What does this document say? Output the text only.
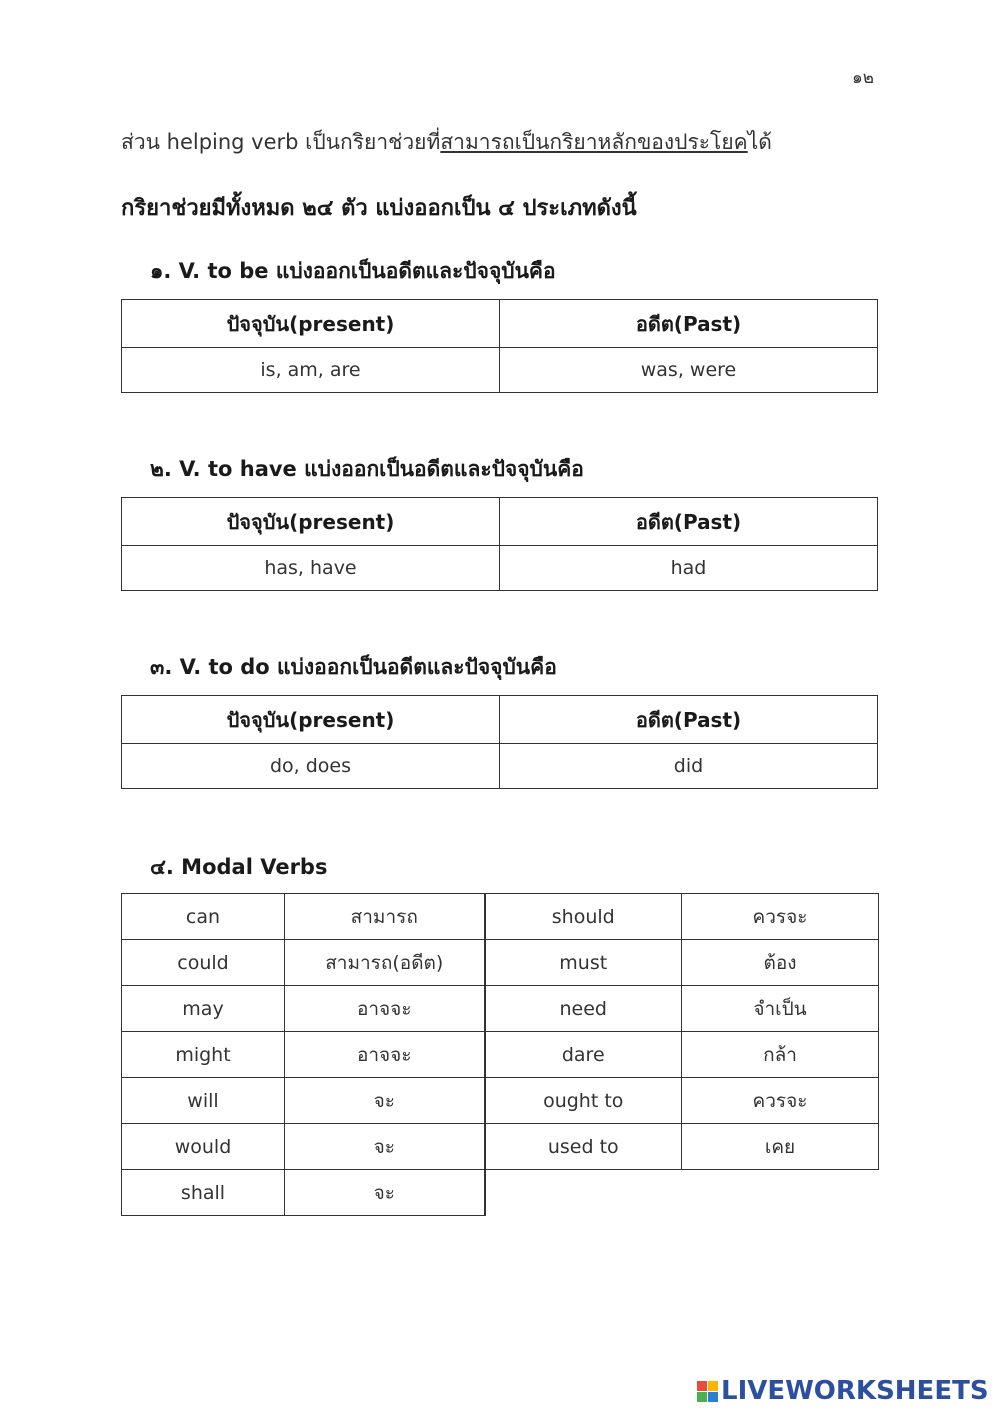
๑๒
ส่วน helping verb เป็นกริยาช่วยที่สามารถเป็นกริยาหลักของประโยคได้
กริยาช่วยมีทั้งหมด ๒๔ ตัว แบ่งออกเป็น ๔ ประเภทดังนี้
๑. V. to be แบ่งออกเป็นอดีตและปัจจุบันคือ
ปัจจุบัน(present)	อดีต(Past)
is, am, are	was, were
๒. V. to have แบ่งออกเป็นอดีตและปัจจุบันคือ
ปัจจุบัน(present)	อดีต(Past)
has, have	had
๓. V. to do แบ่งออกเป็นอดีตและปัจจุบันคือ
ปัจจุบัน(present)	อดีต(Past)
do, does	did
๔. Modal Verbs
can	สามารถ	should	ควรจะ
could	สามารถ(อดีต)	must	ต้อง
may	อาจจะ	need	จำเป็น
might	อาจจะ	dare	กล้า
will	จะ	ought to	ควรจะ
would	จะ	used to	เคย
shall	จะ		
LIVEWORKSHEETS
